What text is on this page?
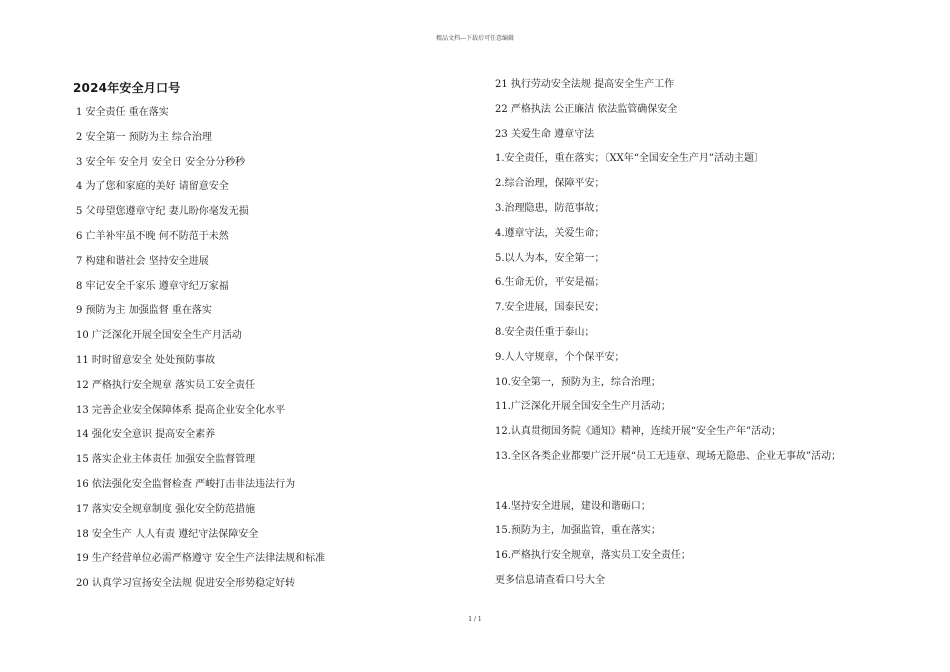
精品文档---下载后可任意编辑
2024年安全月口号
1 安全责任 重在落实
2 安全第一 预防为主 综合治理
3 安全年 安全月 安全日 安全分分秒秒
4 为了您和家庭的美好 请留意安全
5 父母望您遵章守纪 妻儿盼你毫发无损
6 亡羊补牢虽不晚 何不防范于未然
7 构建和谐社会 坚持安全进展
8 牢记安全千家乐 遵章守纪万家福
9 预防为主 加强监督 重在落实
10 广泛深化开展全国安全生产月活动
11 时时留意安全 处处预防事故
12 严格执行安全规章 落实员工安全责任
13 完善企业安全保障体系 提高企业安全化水平
14 强化安全意识 提高安全素养
15 落实企业主体责任 加强安全监督管理
16 依法强化安全监督检查 严峻打击非法违法行为
17 落实安全规章制度 强化安全防范措施
18 安全生产 人人有责 遵纪守法保障安全
19 生产经营单位必需严格遵守 安全生产法律法规和标准
20 认真学习宣扬安全法规 促进安全形势稳定好转
21 执行劳动安全法规 提高安全生产工作
22 严格执法 公正廉洁 依法监管确保安全
23 关爱生命 遵章守法
1.安全责任，重在落实；〔XX年“全国安全生产月”活动主题〕
2.综合治理，保障平安；
3.治理隐患，防范事故；
4.遵章守法，关爱生命；
5.以人为本，安全第一；
6.生命无价，平安是福；
7.安全进展，国泰民安；
8.安全责任重于泰山；
9.人人守规章，个个保平安；
10.安全第一，预防为主，综合治理；
11.广泛深化开展全国安全生产月活动；
12.认真贯彻国务院《通知》精神，连续开展“安全生产年”活动；
13.全区各类企业都要广泛开展“员工无违章、现场无隐患、企业无事故”活动；
14.坚持安全进展，建设和谐砺口；
15.预防为主，加强监管，重在落实；
16.严格执行安全规章，落实员工安全责任；
更多信息请查看口号大全
1 / 1
